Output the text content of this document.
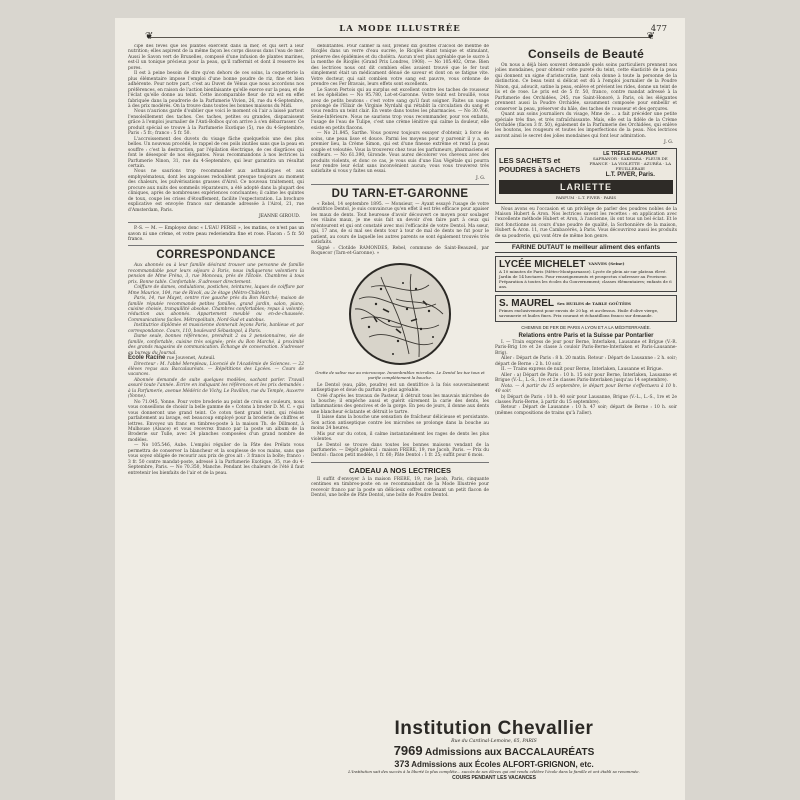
LA MODE ILLUSTRÉE	477
❦	❦

cipe des fèves que les plantes exercent dans la mer, et qui sert à leur nutrition; elles aspirent de la même façon les corps dissous dans l'eau de mer. Aussi le Savon vert de Bruxelles, composé d'une infusion de plantes marines, est-il un tonique précieux pour la peau, qu'il raffermit et dont il resserre les pores.

Il est à peine besoin de dire qu'en dehors de ces soins, la coquetterie la plus élémentaire impose l'emploi d'une bonne poudre de riz, fine et bien adhérente. Pour notre part, c'est au Duvet de Vénus que nous accordons nos préférences, en raison de l'action bienfaisante qu'elle exerce sur la peau, et de l'éclat qu'elle donne au teint. Cette incomparable fleur de riz est en effet fabriquée dans la poudrerie de la Parfumerie Vivien, 26, rue du 4-Septembre, à des prix modérés. On la trouve dans toutes les bonnes maisons du Midi.

Nous n'aurions garde d'oublier que voici le moment où l'air a laissé partout l'ensoleillement des taches. Ces taches, petites ou grandes, disparaissent grâce à l'emploi journalier de l'Anti-Bolbos qu'on arrive à s'en débarrasser. Ce produit spécial se trouve à la Parfumerie Exotique (5), rue du 4-Septembre, Paris : 5 fr.; franco : 5 fr. 50.

L'accroissement des duvets du visage fâche quelquefois une des plus belles. Un nouveau procédé, le rappel de ces poils inutiles sans que la peau en souffre : c'est la destruction, par l'épilation électrique, de ces disgrâces qui font le désespoir de nos élégantes. Nous recommandons à nos lectrices la Parfumerie Ninon, 31, rue du 4-Septembre, qui leur garantira un résultat certain.

Nous ne saurions trop recommander aux asthmatiques et aux emphysémateux, dont les angoisses redoublent presque toujours au moment des chaleurs, les pulvérisations grasses d'Airol. Ce nouveau traitement, qui procure aux nuits des sommeils réparateurs, a été adopté dans la plupart des cliniques, après de nombreuses expériences concluantes; il calme les quintes de toux, coupe les crises d'étouffement, facilite l'expectoration. La brochure explicative est envoyée franco sur demande adressée à l'Airol, 21, rue d'Amsterdam, Paris.

JEANNE GIROUD.

P.-S. — M. — Employez donc « L'EAU PERSE », les matins, ce n'est pas un savon ni une crème, et votre peau redeviendra fine et rose. Flacon : 5 fr. 50 franco.

CORRESPONDANCE

Aux abonnés ou à leur famille désirant trouver une personne de famille recommandable pour leurs séjours à Paris, nous indiquerons volontiers la pension de Mme Fréna, 3, rue Monceau, près de l'Étoile. Chambres à tous prix. Bonne table. Confortable. S'adresser directement.

Coiffure de dames, ondulations, postiches, teintures, laques de coiffure par Mme Maurice, 104, rue de Rivoli, au 2e étage (Mètro-Châtelet).

Paris, 14, rue Mayet, centre rive gauche près du Bon Marché; maison de famille réputée recommande petites familles, grand jardin, salon, piano, cuisine choisie, tranquillité absolue. Chambres confortables; repas à volonté; réduction aux abonnés. Appartement meublé ou en-de-chaussée. Communications faciles. Métropolitain, Nord-Sud et autobus.

Institutrice diplômée et musicienne donnerait leçons Paris, banlieue et par correspondance. Cours, 110, boulevard Sébastopol, à Paris.

Dame seule, bonnes références, prendrait 2 ou 3 pensionnaires, vie de famille, confortable, cuisine très soignée; près du Bon Marché, à proximité des grands magasins de communication. Échange de conversation. S'adresser au bureau du Journal.

Ecole Racine rue Jouvenet, Auteuil.

Directeur : M. l'abbé Merepleau, Licencié de l'Académie de Sciences. — 22 élèves reçus aux Baccalauréats. — Répétitions des Lycées. — Cours de vacances.

Abonnée demande de suite quelques modèles, sachant parler. Travail assuré toute l'année. Écrire en indiquant les références et les prix demandés : à la Parfumerie, avenue Médéric de Vichy, Le Pavillon, rue du Temple, Auxerre (Yonne).

No 71.045, Yonne. Pour votre broderie au point de croix en couleurs, nous vous conseillons de choisir la belle gamme de « Cotons à broder D. M. C. » qui vous donneront une grand teint. Ce coton tient grand teint, qui résiste parfaitement au lavage, est beaucoup employé pour la broderie de chiffres et lettres. Envoyez un franc en timbres-poste à la maison Th. de Dillmont, à Mulhouse (Alsace) et vous recevrez franco par la poste un album de la Broderie sur Tulle, avec 24 planches composées d'un grand nombre de modèles.

— No 105.546, Aube. L'emploi régulier de la Pâte des Prélats vous permettra de conserver la blancheur et la souplesse de vos mains, sans que vous soyez obligée de recourir aux prix de gros ait : 3 francs la boîte; franco : 3 fr. 50 contre mandat-poste, adressé à la Parfumerie Exotique, 35, rue du 4-Septembre, Paris. — No 70.350, Manche. Pendant les chaleurs de l'été il faut entretenir les bienfaits de l'air et de la peau.

débilitantes. Pour calmer la soif, prenez dix gouttes d'alcool de menthe de Ricqlès dans un verre d'eau sucrée, le Ricqlès étant tonique et stimulant, préserve des épidémies et du choléra. Aucun n'est plus agréable que le sucre à la menthe de Ricqlès (Grand Prix Londres, 1908). — No 105.402, Orne. Bien des lectrices nous ont dit combien elles avaient trouvé que le fer tout simplement était un médicament dénué de saveur et dont on se fatigue vite. Votre docteur, qui sait combien votre sang est pauvre, vous ordonne de prendre ces Fer Bravais, leurs effets sont excellents.

Le Savon Pertois qui au surplus est excellent contre les taches de rousseur et les éphélides — No 95.780, Lot-et-Garonne. Votre teint est brouillé, vous avez de petits boutons : c'est votre sang qu'il faut soigner. Faites un usage prolongé de l'Élixir de Virginie Nyrdahl qui rétablit la circulation du sang et vous rendra un teint clair. En vente dans toutes les pharmacies. — No 30.766, Seine-Inférieure. Nous ne saurions trop vous recommander, pour vos enfants, l'usage de l'eau de Tulipe, c'est une crème lénitive qui calme la douleur, elle existe en petits flacons.

— No 21.845, Sarthe. Vous pouvez toujours essayer d'obtenir, à force de soins, une peau lisse et douce. Parmi les moyens pour y parvenir il y a, en premier lieu, la Crème Simon, qui est d'une finesse extrême et rend la peau souple et veloutée. Vous la trouverez chez tous les parfumeurs, pharmaciens et coiffeurs. — No 61.390, Gironde. Vous aurez décolorer vos cheveux avec des produits violents, et donc ce cas, je vous suis d'une Eau Végétale qui pourra leur rendre leur éclat sans inconvénient aucun; vous vous trouverez très satisfaite si vous y faites un essai.

J. G.
DU TARN-ET-GARONNE

« Rebel, 14 septembre 1895. — Monsieur, — Ayant essayé l'usage de votre dentifrice Dentol, je suis convaincue qu'en effet il est très efficace pour apaiser les maux de dents. Tout heureuse d'avoir découvert ce moyen pour soulager ces vilains maux, je me suis fait un devoir d'en faire part à ceux qui m'entourent et qui ont constaté avec moi l'efficacité de votre Dentol. Ma sœur, qui, 17 ans, de si mal ses dents tour à tour de mal de dents ne fut pour le patient, au cours de laquelle les autres parents se sont également trouvés très satisfaits.

Signé : Clotilde RAMONDES, Rebel, commune de Saint-Beauzeil, par Roquecor (Tarn-et-Garonne). »

Grotte de salive vue au microscope. Innombrables microbes. Le Dentol les tue tous et purifie complètement la bouche.

Le Dentol (eau, pâte, poudre) est un dentifrice à la fois souverainement antiseptique et doué du parfum le plus agréable.

Créé d'après les travaux de Pasteur, il détruit tous les mauvais microbes de la bouche; il empêche aussi et guérit sûrement la carie des dents, les inflammations des gencives et de la gorge. En peu de jours, il donne aux dents une blancheur éclatante et détruit le tartre.

Il laisse dans la bouche une sensation de fraîcheur délicieuse et persistante. Son action antiseptique contre les microbes se prolonge dans la bouche au moins 24 heures.

Mis pur sur du coton, il calme instantanément les rages de dents les plus violentes.

Le Dentol se trouve dans toutes les bonnes maisons vendant de la parfumerie. — Dépôt général : maison FRERE, 19, rue Jacob, Paris. — Prix du Dentol : flacon petit modèle, 1 fr. 60; Pâte Dentol : 1 fr. 25; suffit pour 6 mois.

CADEAU A NOS LECTRICES

Il suffit d'envoyer à la maison FRERE, 19, rue Jacob, Paris, cinquante centimes en timbres-poste en se recommandant de la Mode Illustrée pour recevoir franco par la poste un délicieux coffret contenant un petit flacon de Dentol, une boîte de Pâte Dentol, une boîte de Poudre Dentol.

Conseils de Beauté

On nous a déjà bien souvent demandé quels soins particuliers prennent nos jolies mondaines, pour obtenir cette pureté du teint, cette élasticité de la peau qui donnent un signe d'aristocratie, tant cela donne à toute la personne de la distinction. Ce beau teint si délicat est dû à l'emploi journalier de la Poudre Ninon, qui, adoucit, satine la peau, enlève et prévient les rides, donne un teint de lis et de rose. Le prix est de 5 fr. 50, franco, contre mandat adressé à la Parfumerie des Orchidées, 245, rue Saint-Honoré, à Paris, où les élégantes prennent aussi la Poudre Orchidée, savamment composée pour embellir et conserver la peau, préserver du hâle, des taches de rousseur et des gerçures.

Quant aux soins journaliers du visage, Mme de ... a fait précéder une petite spéciale très fine, et très rafraîchissante. Mais, elle est la fidèle de la Crème Orchidée (flacon 3 fr. 50), également de la Parfumerie des Orchidées, qui enlève les boutons, les rougeurs et toutes les imperfections de la peau. Nos lectrices auront ainsi le secret des jolies mondaines qui font leur admiration.

J. G.
LES SACHETS et POUDRES à SACHETS
LE TRÈFLE INCARNAT
SAFRANOR · SAKHARA · FLEUR DE FRANCE · LA VIOLETTE · AZURÉA · LA FEUILLERAIE
L.T. PIVER, Paris.
LARIETTE
PARFUM · L.T. PIVER · PARIS

Nous avons eu l'occasion et un privilège de parler des poudres nobles de la Maison Hubert & Aron. Nos lectrices savent les recettes : en application avec l'excellente méthode Hubert et Aron, à l'ancienne, ils ont tous un bel éclat. Et le mot fonctionne au cours d'une poudre de qualité, la Sorbonnière de la maison, Hubert & Aron. 11, rue Cambacérès, à Paris. Vous découvrirez aussi les produits de sa poudrerie, qui vont être de même bon genre.

FARINE DUTAUT le meilleur aliment des enfants
LYCÉE MICHELET VANVES (Seine)
A 10 minutes de Paris (Métro-Montparnasse). Lycée de plein air sur plateau élevé. Jardin de 14 hectares. Pour renseignements et prospectus s'adresser au Proviseur. Préparation à toutes les écoles du Gouvernement; classes élémentaires; enfants de 6 ans.
S. MAUREL Ses HUILES de TABLE GOÛTÉES
Primes exclusivement pour envois de 20 kg. et au-dessus. Huile d'olive vierge, savonnerie et huiles fines. Prix courant et échantillons franco sur demande.
CHEMINS DE FER DE PARIS A LYON ET A LA MÉDITERRANÉE.
Relations entre Paris et la Suisse par Pontarlier

I. — Train express de jour pour Berne, Interlaken, Lausanne et Brigue (V.-R. Paris-Brig 1re et 2e classe à couloir Paris-Berne-Interlaken et Paris-Lausanne-Brig).

Aller : Départ de Paris : 8 h. 20 matin. Retour : Départ de Lausanne : 2 h. soir; départ de Berne : 2 h. 10 soir.

II. — Trains express de nuit pour Berne, Interlaken, Lausanne et Brigue.

Aller : a) Départ de Paris : 10 h. 15 soir pour Berne, Interlaken, Lausanne et Brigue (V.-L., L.-S., 1re et 2e classes Paris-Interlaken jusqu'au 14 septembre).

Nota. — À partir du 15 septembre, le départ pour Berne s'effectuera à 10 h. 40 soir.

b) Départ de Paris : 10 h. 40 soir pour Lausanne, Brigue (V.-L., L.-S., 1re et 2e classes Paris-Berne, à partir du 15 septembre).

Retour : Départ de Lausanne : 10 h. 47 soir; départ de Berne : 10 h. soir (mêmes compositions de trains qu'à l'aller).

Institution Chevallier
Rue du Cardinal-Lemoine, 65, PARIS
7969 Admissions aux BACCALAURÉATS
373 Admissions aux Écoles ALFORT-GRIGNON, etc.
L'Institution sait des succès à la liberté la plus complète... succès de ses élèves qui ont rendu célèbre l'école dans la famille et ont établi sa renommée.
COURS PENDANT LES VACANCES
